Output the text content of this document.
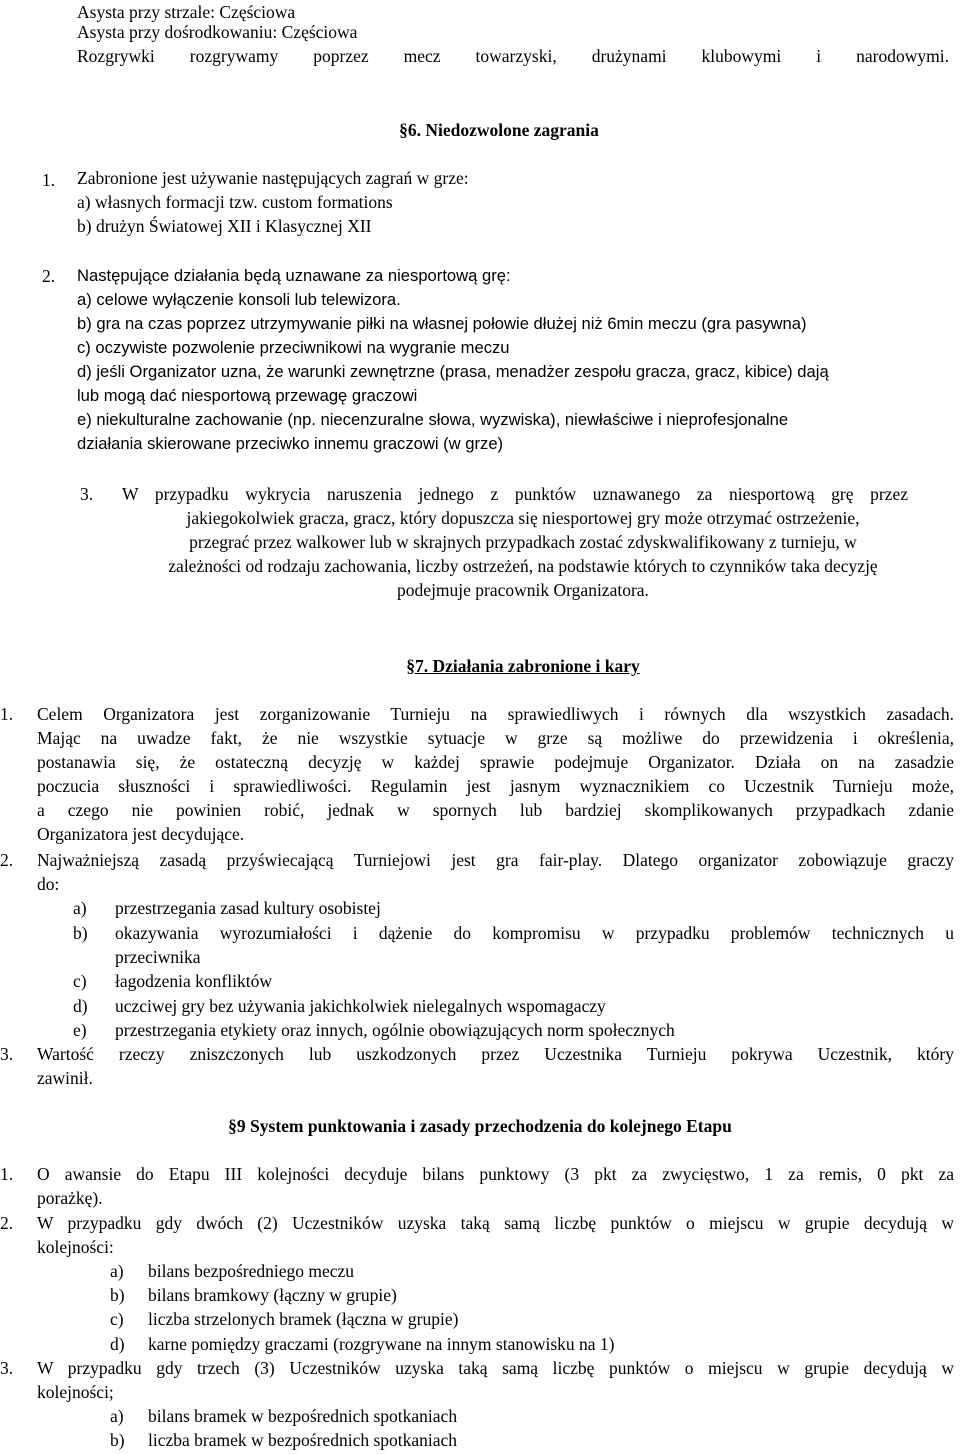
Asysta przy strzale: Częściowa
Asysta przy dośrodkowaniu: Częściowa
Rozgrywki rozgrywamy poprzez mecz towarzyski, drużynami klubowymi i narodowymi.
§6. Niedozwolone zagrania
1. Zabronione jest używanie następujących zagrań w grze:
a) własnych formacji tzw. custom formations
b) drużyn Światowej XII i Klasycznej XII
2. Następujące działania będą uznawane za niesportową grę:
a) celowe wyłączenie konsoli lub telewizora.
b) gra na czas poprzez utrzymywanie piłki na własnej połowie dłużej niż 6min meczu (gra pasywna)
c) oczywiste pozwolenie przeciwnikowi na wygranie meczu
d) jeśli Organizator uzna, że warunki zewnętrzne (prasa, menadżer zespołu gracza, gracz, kibice) dają
lub mogą dać niesportową przewagę graczowi
e) niekulturalne zachowanie (np. niecenzuralne słowa, wyzwiska), niewłaściwe i nieprofesjonalne
działania skierowane przeciwko innemu graczowi (w grze)
3. W przypadku wykrycia naruszenia jednego z punktów uznawanego za niesportową grę przez
jakiegokolwiek gracza, gracz, który dopuszcza się niesportowej gry może otrzymać ostrzeżenie,
przegrać przez walkower lub w skrajnych przypadkach zostać zdyskwalifikowany z turnieju, w
zależności od rodzaju zachowania, liczby ostrzeżeń, na podstawie których to czynników taka decyzję
podejmuje pracownik Organizatora.
§7. Działania zabronione i kary
1. Celem Organizatora jest zorganizowanie Turnieju na sprawiedliwych i równych dla wszystkich zasadach.
Mając na uwadze fakt, że nie wszystkie sytuacje w grze są możliwe do przewidzenia i określenia,
postanawia się, że ostateczną decyzję w każdej sprawie podejmuje Organizator. Działa on na zasadzie
poczucia słuszności i sprawiedliwości. Regulamin jest jasnym wyznacznikiem co Uczestnik Turnieju może,
a czego nie powinien robić, jednak w spornych lub bardziej skomplikowanych przypadkach zdanie
Organizatora jest decydujące.
2. Najważniejszą zasadą przyświecającą Turniejowi jest gra fair-play. Dlatego organizator zobowiązuje graczy
do:
a) przestrzegania zasad kultury osobistej
b) okazywania wyrozumiałości i dążenie do kompromisu w przypadku problemów technicznych u
przeciwnika
c) łagodzenia konfliktów
d) uczciwej gry bez używania jakichkolwiek nielegalnych wspomagaczy
e) przestrzegania etykiety oraz innych, ogólnie obowiązujących norm społecznych
3. Wartość rzeczy zniszczonych lub uszkodzonych przez Uczestnika Turnieju pokrywa Uczestnik, który
zawinił.
§9 System punktowania i zasady przechodzenia do kolejnego Etapu
1. O awansie do Etapu III kolejności decyduje bilans punktowy (3 pkt za zwycięstwo, 1 za remis, 0 pkt za
porażkę).
2. W przypadku gdy dwóch (2) Uczestników uzyska taką samą liczbę punktów o miejscu w grupie decydują w
kolejności:
a) bilans bezpośredniego meczu
b) bilans bramkowy (łączny w grupie)
c) liczba strzelonych bramek (łączna w grupie)
d) karne pomiędzy graczami (rozgrywane na innym stanowisku na 1)
3. W przypadku gdy trzech (3) Uczestników uzyska taką samą liczbę punktów o miejscu w grupie decydują w
kolejności;
a) bilans bramek w bezpośrednich spotkaniach
b) liczba bramek w bezpośrednich spotkaniach
